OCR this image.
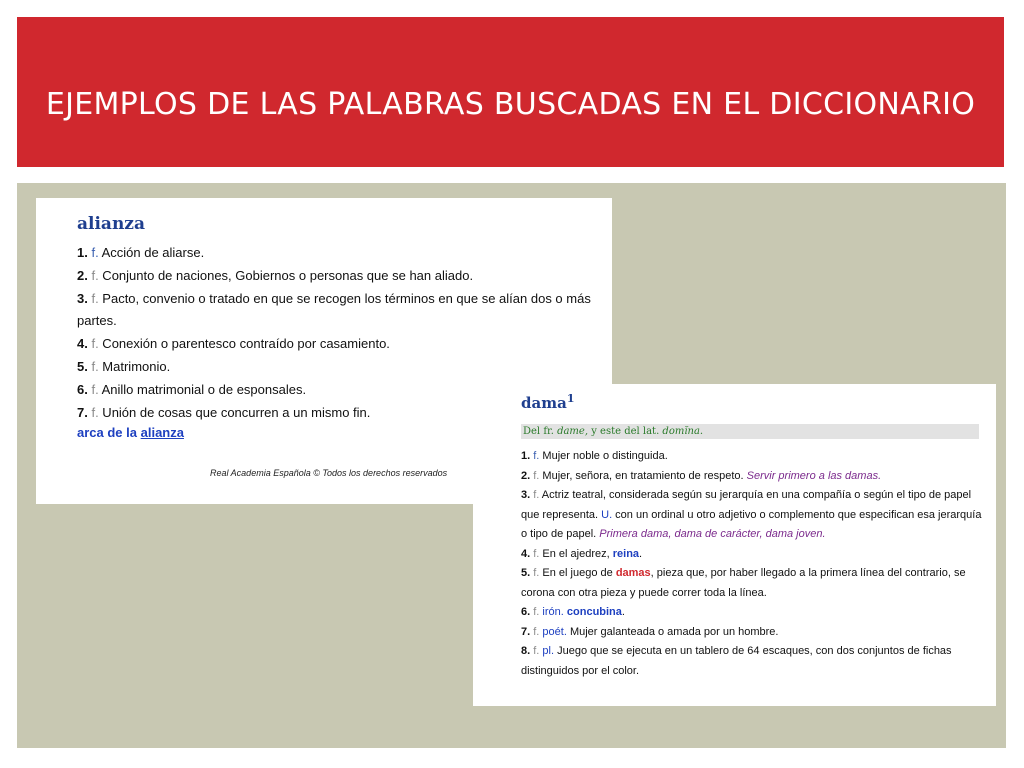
EJEMPLOS DE LAS PALABRAS BUSCADAS EN EL DICCIONARIO
alianza
1. f. Acción de aliarse.
2. f. Conjunto de naciones, Gobiernos o personas que se han aliado.
3. f. Pacto, convenio o tratado en que se recogen los términos en que se alían dos o más partes.
4. f. Conexión o parentesco contraído por casamiento.
5. f. Matrimonio.
6. f. Anillo matrimonial o de esponsales.
7. f. Unión de cosas que concurren a un mismo fin.
arca de la alianza
Real Academia Española © Todos los derechos reservados
dama$^1$
Del fr. dame, y este del lat. domĭna.
1. f. Mujer noble o distinguida.
2. f. Mujer, señora, en tratamiento de respeto. Servir primero a las damas.
3. f. Actriz teatral, considerada según su jerarquía en una compañía o según el tipo de papel que representa. U. con un ordinal u otro adjetivo o complemento que especifican esa jerarquía o tipo de papel. Primera dama, dama de carácter, dama joven.
4. f. En el ajedrez, reina.
5. f. En el juego de damas, pieza que, por haber llegado a la primera línea del contrario, se corona con otra pieza y puede correr toda la línea.
6. f. irón. concubina.
7. f. poét. Mujer galanteada o amada por un hombre.
8. f. pl. Juego que se ejecuta en un tablero de 64 escaques, con dos conjuntos de fichas distinguidos por el color.
